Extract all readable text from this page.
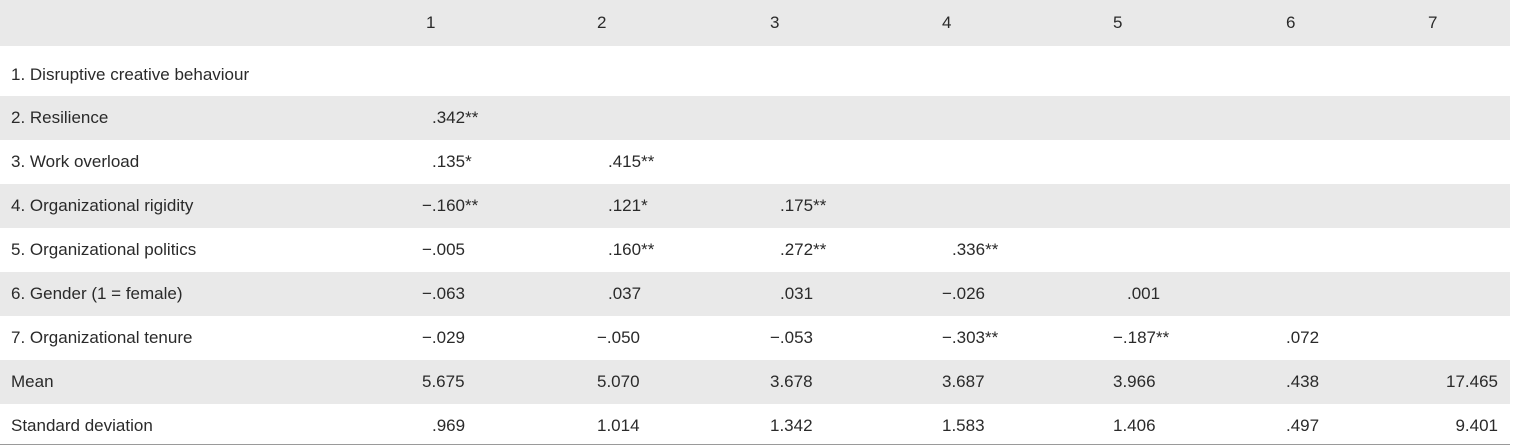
1	2	3	4	5	6	7
1. Disruptive creative behaviour
2. Resilience	.342**
3. Work overload	.135*	.415**
4. Organizational rigidity	−.160**	.121*	.175**
5. Organizational politics	−.005	.160**	.272**	.336**
6. Gender (1 = female)	−.063	.037	.031	−.026	.001
7. Organizational tenure	−.029	−.050	−.053	−.303**	−.187**	.072
Mean	5.675	5.070	3.678	3.687	3.966	.438	17.465
Standard deviation	.969	1.014	1.342	1.583	1.406	.497	9.401
